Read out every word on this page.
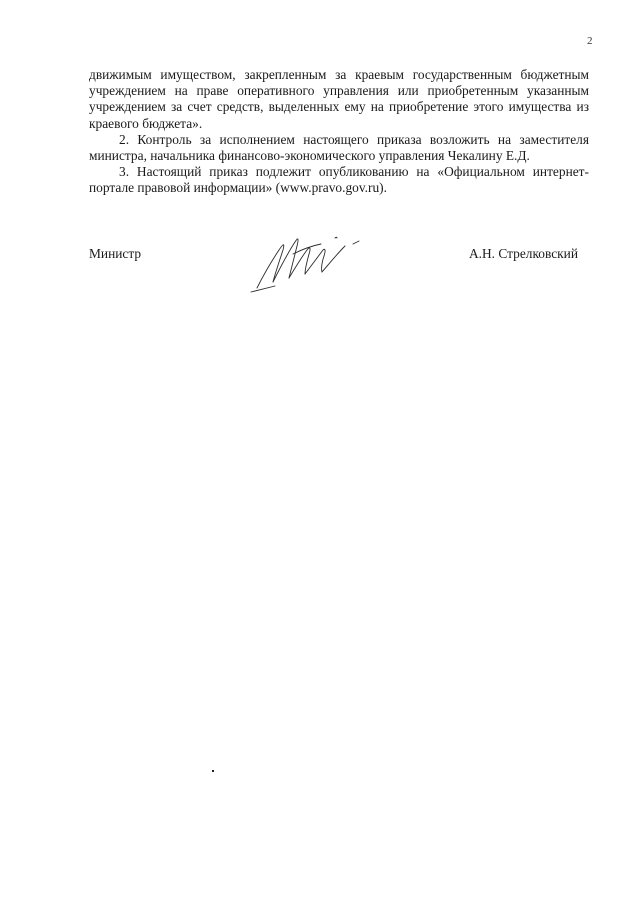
2

движимым имуществом, закрепленным за краевым государственным бюджетным учреждением на праве оперативного управления или приобретенным указанным учреждением за счет средств, выделенных ему на приобретение этого имущества из краевого бюджета».

2. Контроль за исполнением настоящего приказа возложить на заместителя министра, начальника финансово-экономического управления Чекалину Е.Д.

3. Настоящий приказ подлежит опубликованию на «Официальном интернет-портале правовой информации» (www.pravo.gov.ru).

Министр	А.Н. Стрелковский
